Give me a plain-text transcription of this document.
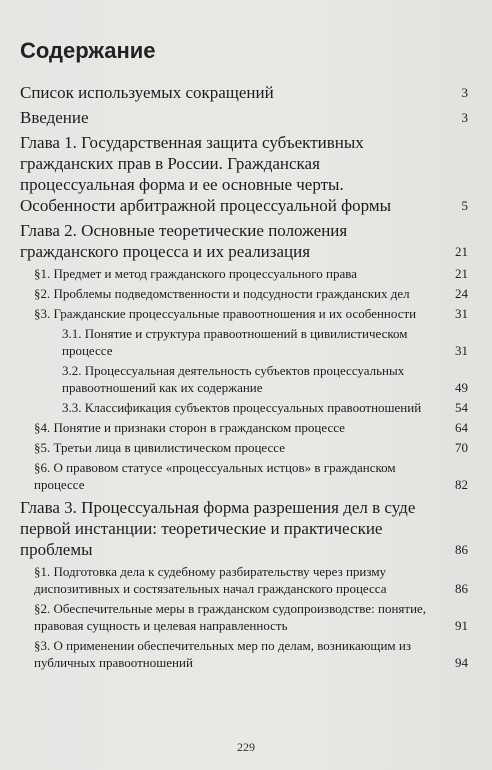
Содержание
Список используемых сокращений	3
Введение	3
Глава 1. Государственная защита субъективных гражданских прав в России. Гражданская процессуальная форма и ее основные черты. Особенности арбитражной процессуальной формы	5
Глава 2. Основные теоретические положения гражданского процесса и их реализация	21
§1. Предмет и метод гражданского процессуального права	21
§2. Проблемы подведомственности и подсудности гражданских дел	24
§3. Гражданские процессуальные правоотношения и их особенности	31
3.1. Понятие и структура правоотношений в цивилистическом процессе	31
3.2. Процессуальная деятельность субъектов процессуальных правоотношений как их содержание	49
3.3. Классификация субъектов процессуальных правоотношений	54
§4. Понятие и признаки сторон в гражданском процессе	64
§5. Третьи лица в цивилистическом процессе	70
§6. О правовом статусе «процессуальных истцов» в гражданском процессе	82
Глава 3. Процессуальная форма разрешения дел в суде первой инстанции: теоретические и практические проблемы	86
§1. Подготовка дела к судебному разбирательству через призму диспозитивных и состязательных начал гражданского процесса	86
§2. Обеспечительные меры в гражданском судопроизводстве: понятие, правовая сущность и целевая направленность	91
§3. О применении обеспечительных мер по делам, возникающим из публичных правоотношений	94
229
